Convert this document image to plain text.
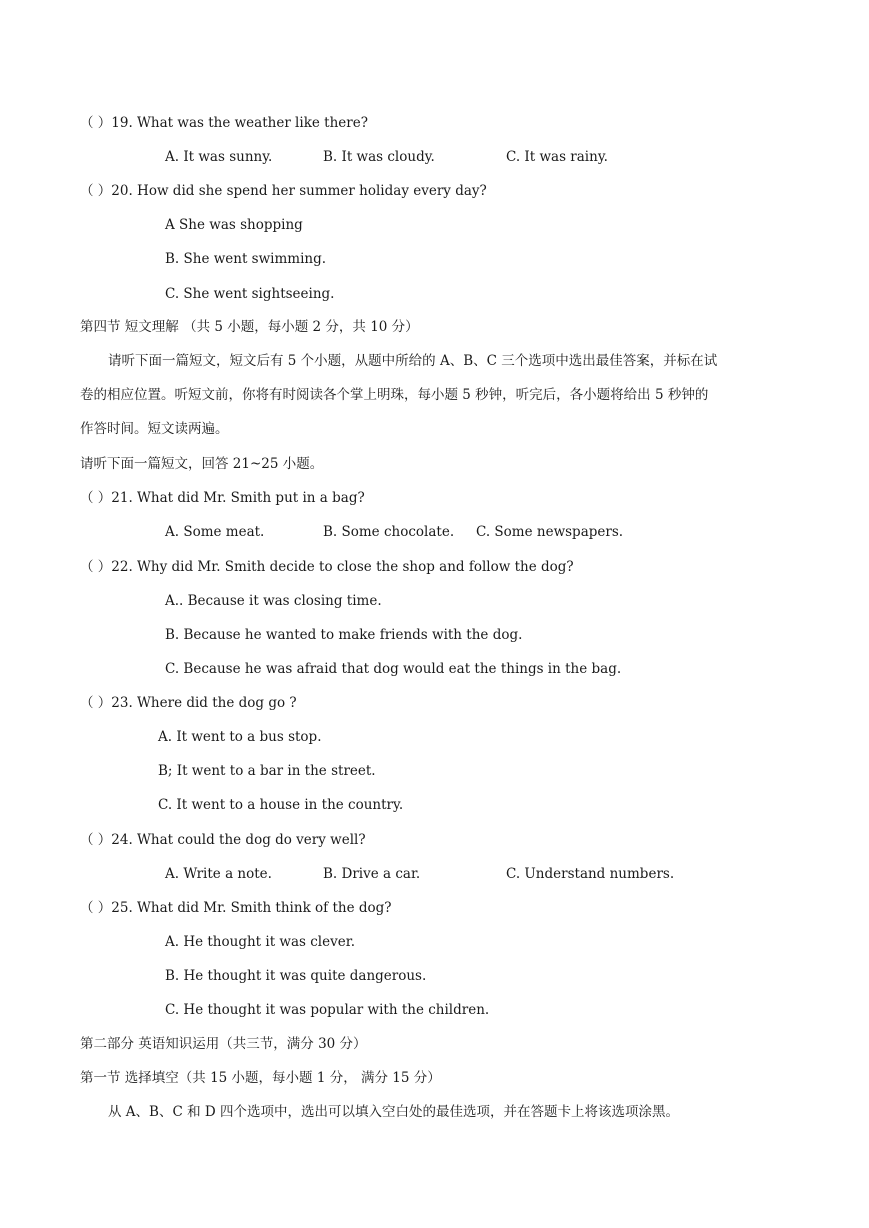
（ ）19. What was the weather like there?
A. It was sunny.	B. It was cloudy.	C. It was rainy.
（ ）20. How did she spend her summer holiday every day?
A She was shopping
B. She went swimming.
C. She went sightseeing.
第四节 短文理解 （共 5 小题，每小题 2 分，共 10 分）
请听下面一篇短文，短文后有 5 个小题，从题中所给的 A、B、C 三个选项中选出最佳答案，并标在试
卷的相应位置。听短文前，你将有时阅读各个掌上明珠，每小题 5 秒钟，听完后，各小题将给出 5 秒钟的
作答时间。短文读两遍。
请听下面一篇短文，回答 21~25 小题。
（ ）21. What did Mr. Smith put in a bag?
A. Some meat.	B. Some chocolate. C. Some newspapers.
（ ）22. Why did Mr. Smith decide to close the shop and follow the dog?
A.. Because it was closing time.
B. Because he wanted to make friends with the dog.
C. Because he was afraid that dog would eat the things in the bag.
（ ）23. Where did the dog go ?
A. It went to a bus stop.
B; It went to a bar in the street.
C. It went to a house in the country.
（ ）24. What could the dog do very well?
A. Write a note.	B. Drive a car.	C. Understand numbers.
（ ）25. What did Mr. Smith think of the dog?
A. He thought it was clever.
B. He thought it was quite dangerous.
C. He thought it was popular with the children.
第二部分 英语知识运用（共三节，满分 30 分）
第一节 选择填空（共 15 小题，每小题 1 分， 满分 15 分）
从 A、B、C 和 D 四个选项中，选出可以填入空白处的最佳选项，并在答题卡上将该选项涂黑。
